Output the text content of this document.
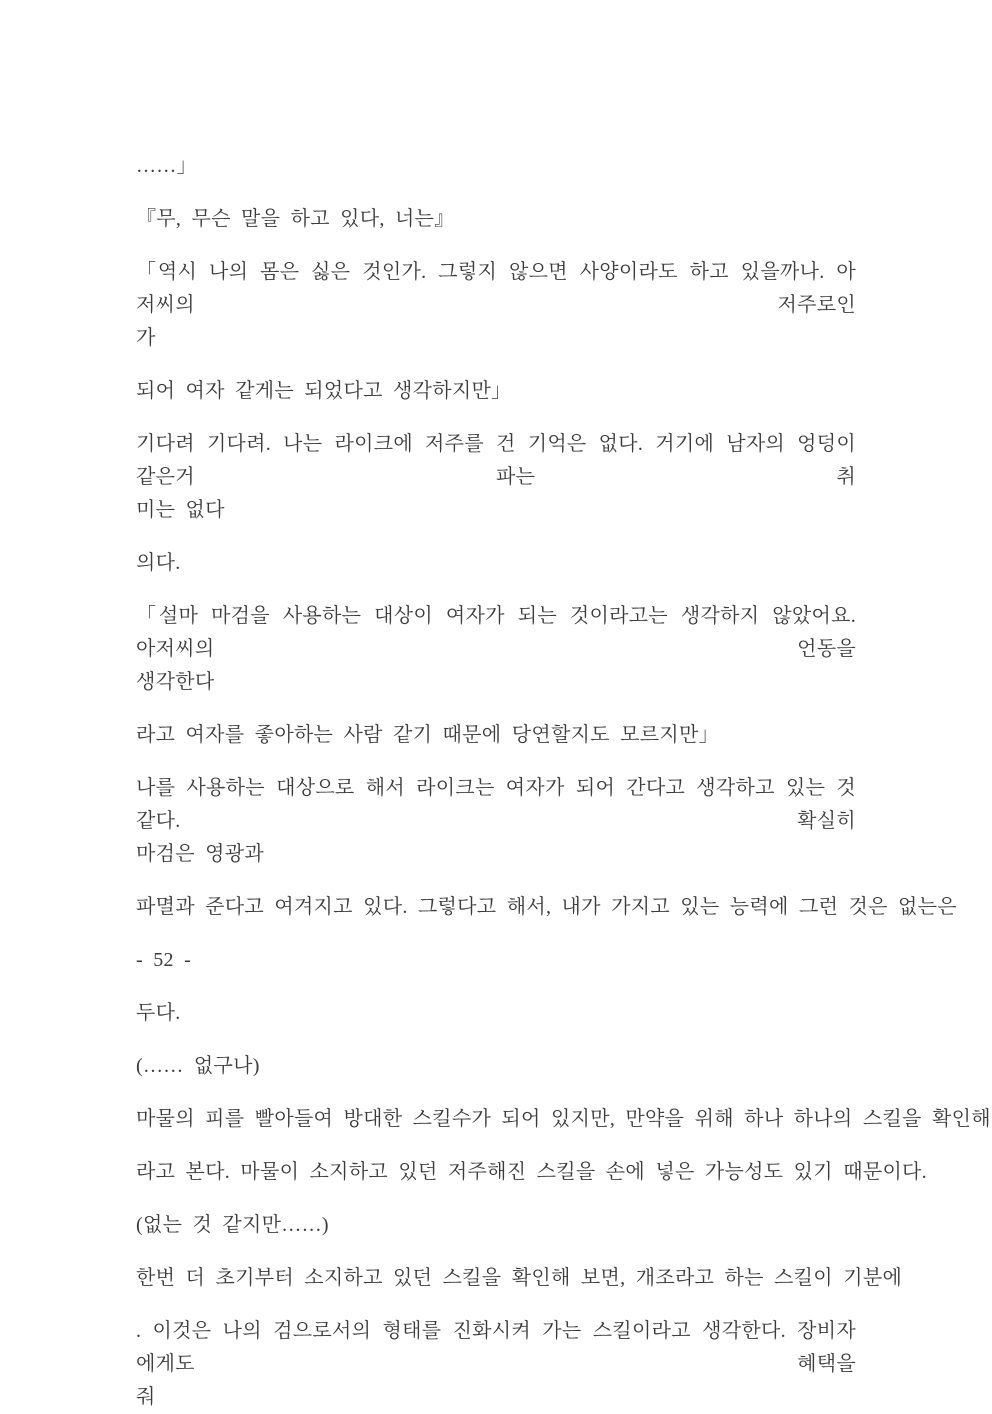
……」
『무, 무슨 말을 하고 있다, 너는』
「역시 나의 몸은 싫은 것인가. 그렇지 않으면 사양이라도 하고 있을까나. 아저씨의 저주로인
가
되어 여자 같게는 되었다고 생각하지만」
기다려 기다려. 나는 라이크에 저주를 건 기억은 없다. 거기에 남자의 엉덩이 같은거 파는 취
미는 없다
의다.
「설마 마검을 사용하는 대상이 여자가 되는 것이라고는 생각하지 않았어요. 아저씨의 언동을
생각한다
라고 여자를 좋아하는 사람 같기 때문에 당연할지도 모르지만」
나를 사용하는 대상으로 해서 라이크는 여자가 되어 간다고 생각하고 있는 것 같다. 확실히
마검은 영광과
파멸과 준다고 여겨지고 있다. 그렇다고 해서, 내가 가지고 있는 능력에 그런 것은 없는은
- 52 -
두다.
(…… 없구나)
마물의 피를 빨아들여 방대한 스킬수가 되어 있지만, 만약을 위해 하나 하나의 스킬을 확인해
라고 본다. 마물이 소지하고 있던 저주해진 스킬을 손에 넣은 가능성도 있기 때문이다.
(없는 것 같지만……)
한번 더 초기부터 소지하고 있던 스킬을 확인해 보면, 개조라고 하는 스킬이 기분에
. 이것은 나의 검으로서의 형태를 진화시켜 가는 스킬이라고 생각한다. 장비자에게도 혜택을
줘
